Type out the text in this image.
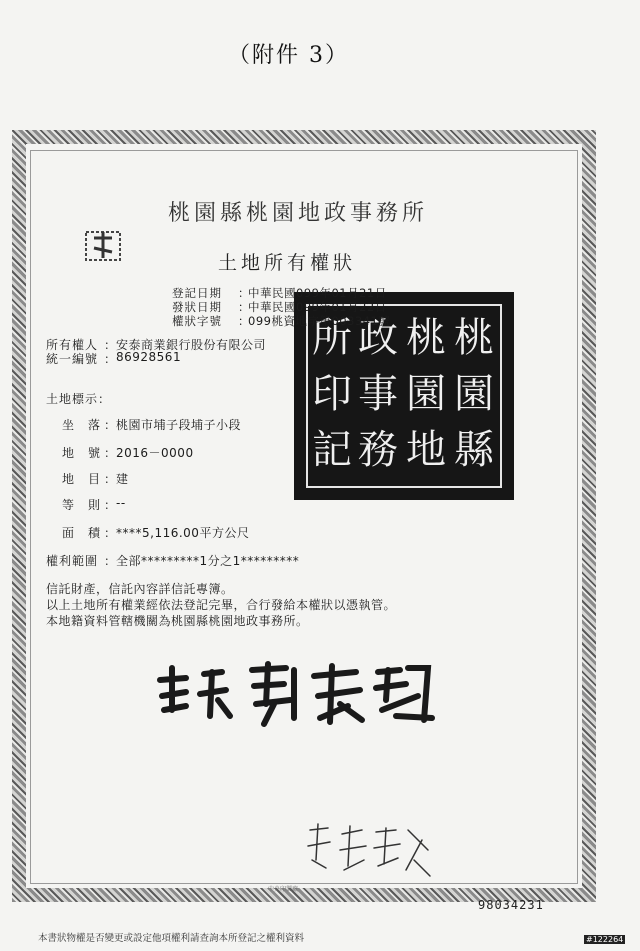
（附件 3）
桃園縣桃園地政事務所
土地所有權狀
桃
園
縣
桃
園
地
政
事
務
所
印
記
登記日期 ：
中華民國099年01月21日
發狀日期 ：
中華民國099年01月22日
權狀字號 ：
099桃資地字第003341號
所有權人 ：
安泰商業銀行股份有限公司
統一編號 ：
86928561
土地標示：
坐　落 ：
桃園市埔子段埔子小段
地　號 ：
2016－0000
地　目 ：
建
等　則 ：
--
面　積 ：
****5,116.00平方公尺
權利範圍 ：
全部*********1分之1*********
信託財產，信託內容詳信託專簿。
以上土地所有權業經依法登記完畢，合行發給本權狀以憑執管。
本地籍資料管轄機關為桃園縣桃園地政事務所。
中央印製廠
98034231
本書狀物權是否變更或設定他項權利請查詢本所登記之權利資料	#122264
